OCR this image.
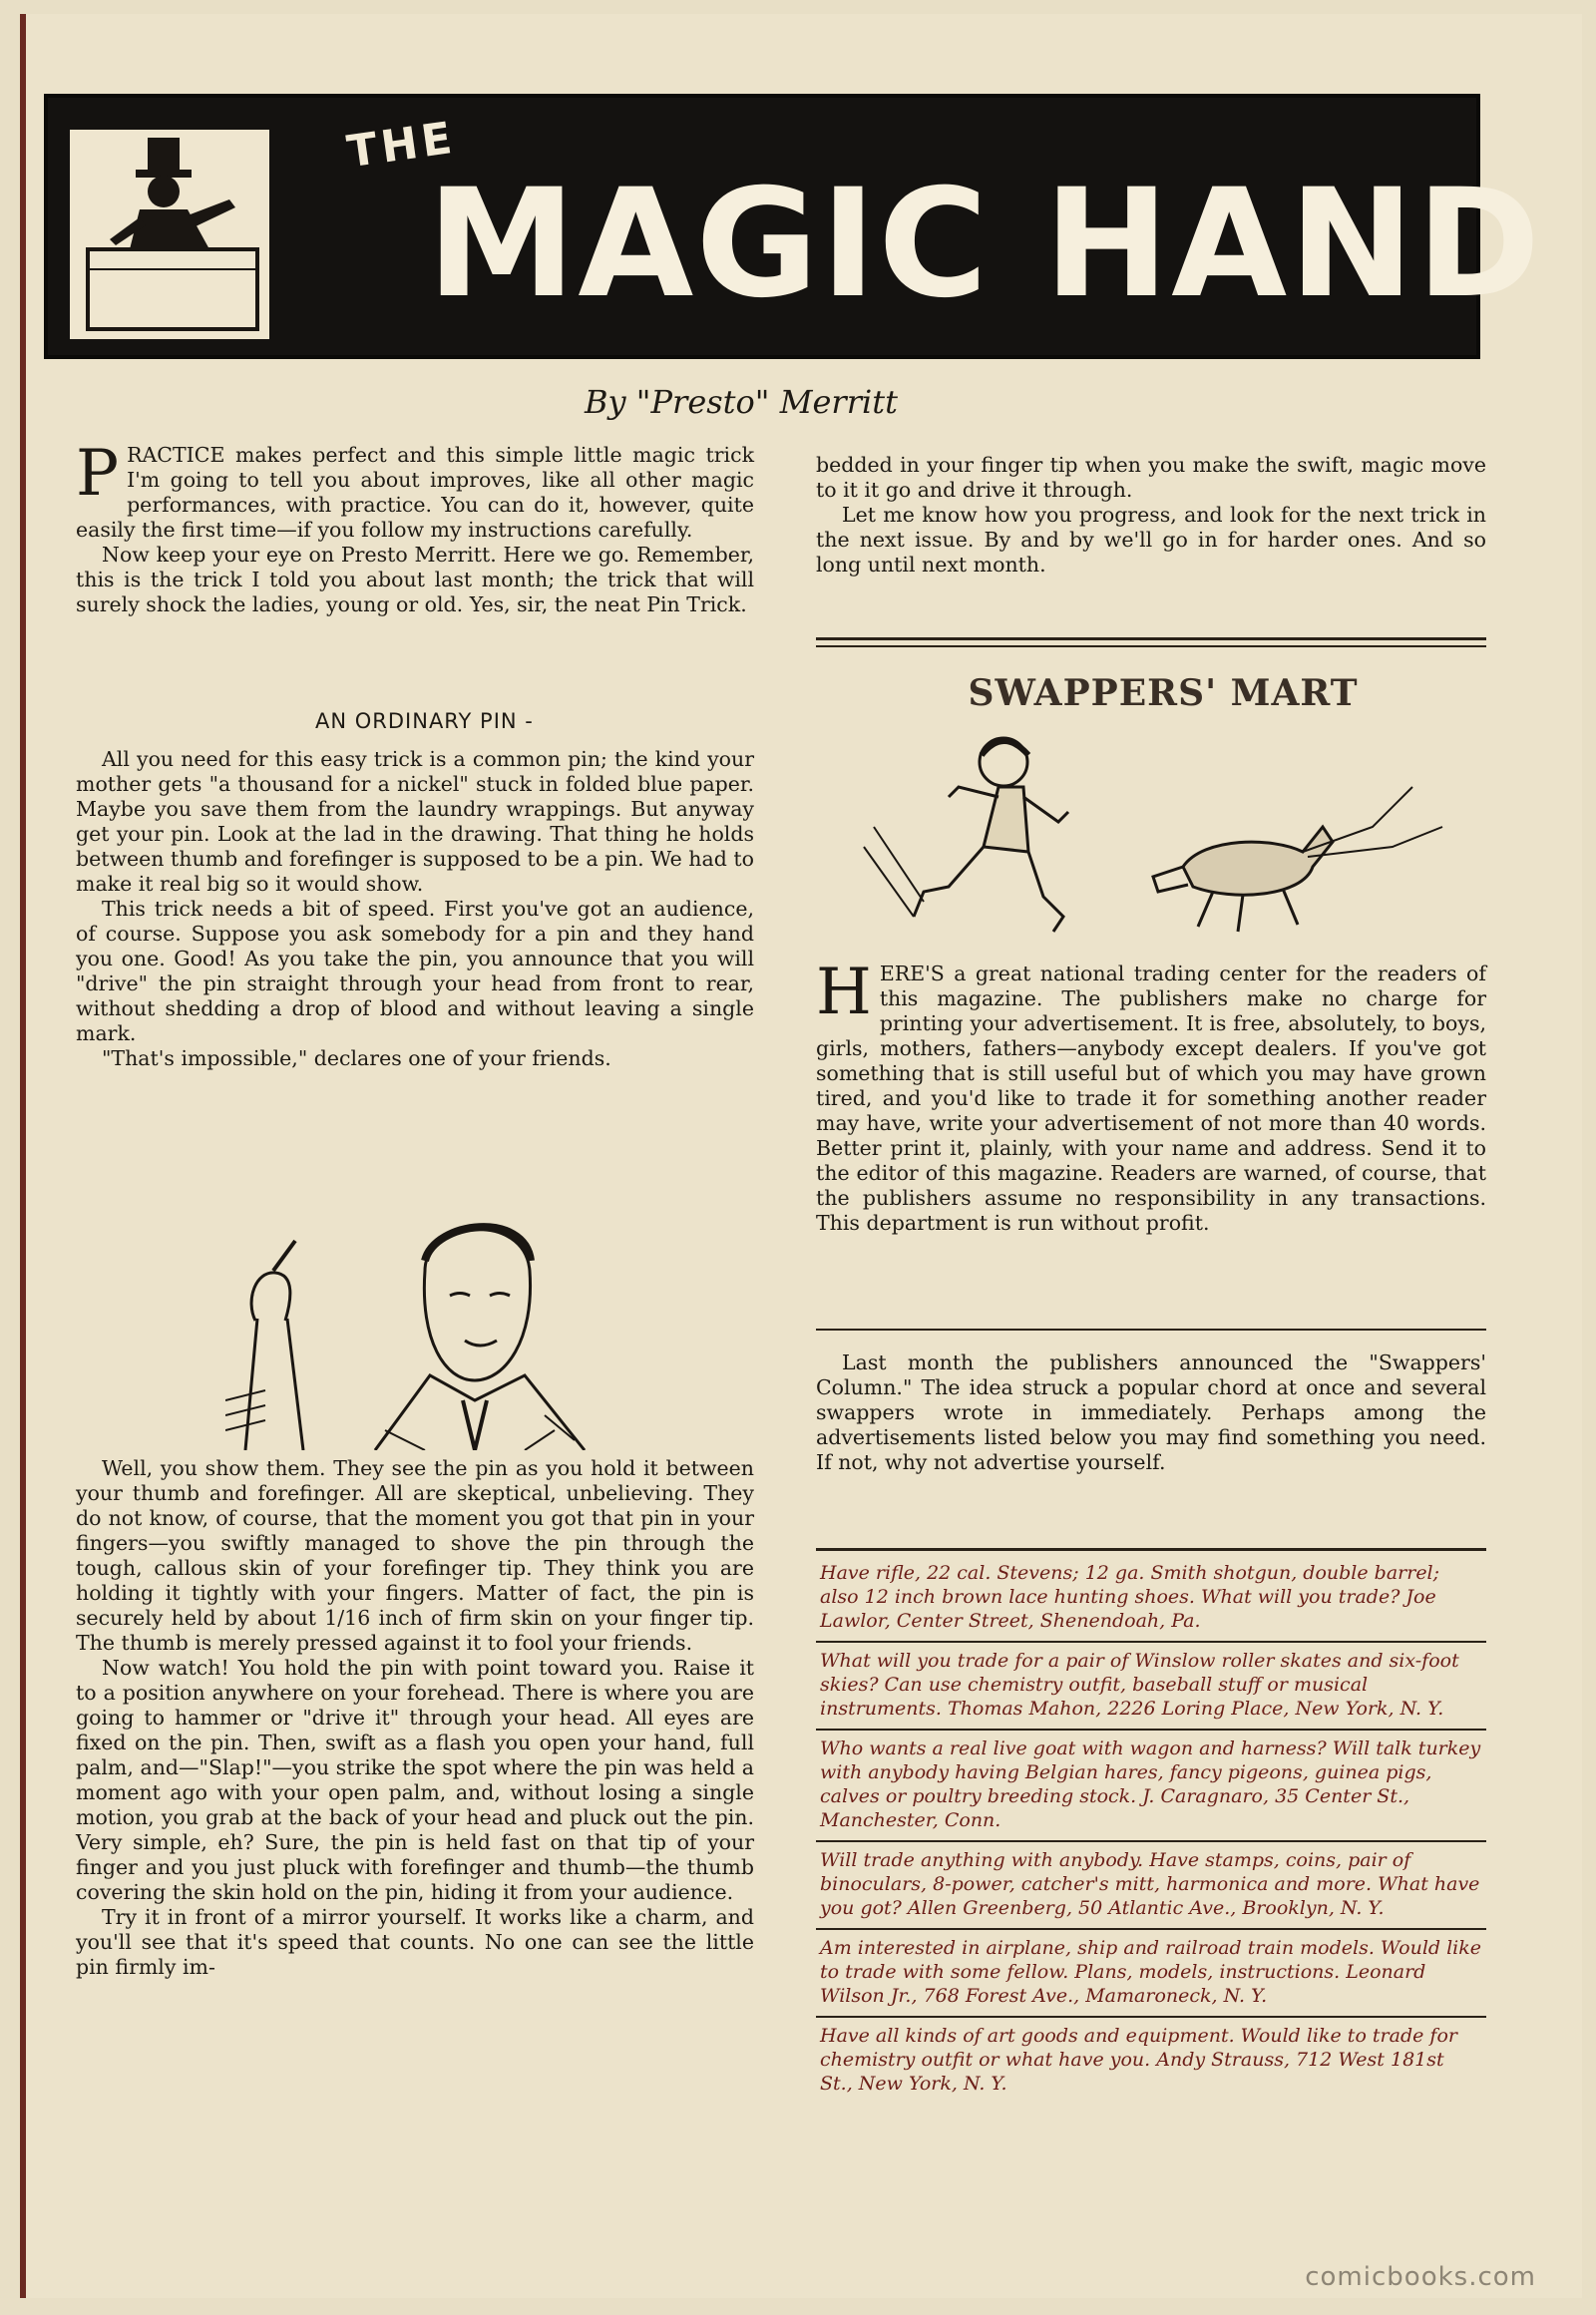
THE
MAGIC HAND
By "Presto" Merritt

PRACTICE makes perfect and this simple little magic trick I'm going to tell you about improves, like all other magic performances, with practice. You can do it, however, quite easily the first time—if you follow my instructions carefully.

Now keep your eye on Presto Merritt. Here we go. Remember, this is the trick I told you about last month; the trick that will surely shock the ladies, young or old. Yes, sir, the neat Pin Trick.

AN ORDINARY PIN -

All you need for this easy trick is a common pin; the kind your mother gets "a thousand for a nickel" stuck in folded blue paper. Maybe you save them from the laundry wrappings. But anyway get your pin. Look at the lad in the drawing. That thing he holds between thumb and forefinger is supposed to be a pin. We had to make it real big so it would show.

This trick needs a bit of speed. First you've got an audience, of course. Suppose you ask somebody for a pin and they hand you one. Good! As you take the pin, you announce that you will "drive" the pin straight through your head from front to rear, without shedding a drop of blood and without leaving a single mark.

"That's impossible," declares one of your friends.

Well, you show them. They see the pin as you hold it between your thumb and forefinger. All are skeptical, unbelieving. They do not know, of course, that the moment you got that pin in your fingers—you swiftly managed to shove the pin through the tough, callous skin of your forefinger tip. They think you are holding it tightly with your fingers. Matter of fact, the pin is securely held by about 1/16 inch of firm skin on your finger tip. The thumb is merely pressed against it to fool your friends.

Now watch! You hold the pin with point toward you. Raise it to a position anywhere on your forehead. There is where you are going to hammer or "drive it" through your head. All eyes are fixed on the pin. Then, swift as a flash you open your hand, full palm, and—"Slap!"—you strike the spot where the pin was held a moment ago with your open palm, and, without losing a single motion, you grab at the back of your head and pluck out the pin. Very simple, eh? Sure, the pin is held fast on that tip of your finger and you just pluck with forefinger and thumb—the thumb covering the skin hold on the pin, hiding it from your audience.

Try it in front of a mirror yourself. It works like a charm, and you'll see that it's speed that counts. No one can see the little pin firmly im-

bedded in your finger tip when you make the swift, magic move to it it go and drive it through.

Let me know how you progress, and look for the next trick in the next issue. By and by we'll go in for harder ones. And so long until next month.

SWAPPERS' MART

HERE'S a great national trading center for the readers of this magazine. The publishers make no charge for printing your advertisement. It is free, absolutely, to boys, girls, mothers, fathers—anybody except dealers. If you've got something that is still useful but of which you may have grown tired, and you'd like to trade it for something another reader may have, write your advertisement of not more than 40 words. Better print it, plainly, with your name and address. Send it to the editor of this magazine. Readers are warned, of course, that the publishers assume no responsibility in any transactions. This department is run without profit.

Last month the publishers announced the "Swappers' Column." The idea struck a popular chord at once and several swappers wrote in immediately. Perhaps among the advertisements listed below you may find something you need. If not, why not advertise yourself.

Have rifle, 22 cal. Stevens; 12 ga. Smith shotgun, double barrel; also 12 inch brown lace hunting shoes. What will you trade? Joe Lawlor, Center Street, Shenendoah, Pa.
What will you trade for a pair of Winslow roller skates and six-foot skies? Can use chemistry outfit, baseball stuff or musical instruments. Thomas Mahon, 2226 Loring Place, New York, N. Y.
Who wants a real live goat with wagon and harness? Will talk turkey with anybody having Belgian hares, fancy pigeons, guinea pigs, calves or poultry breeding stock. J. Caragnaro, 35 Center St., Manchester, Conn.
Will trade anything with anybody. Have stamps, coins, pair of binoculars, 8-power, catcher's mitt, harmonica and more. What have you got? Allen Greenberg, 50 Atlantic Ave., Brooklyn, N. Y.
Am interested in airplane, ship and railroad train models. Would like to trade with some fellow. Plans, models, instructions. Leonard Wilson Jr., 768 Forest Ave., Mamaroneck, N. Y.
Have all kinds of art goods and equipment. Would like to trade for chemistry outfit or what have you. Andy Strauss, 712 West 181st St., New York, N. Y.
comicbooks.com
